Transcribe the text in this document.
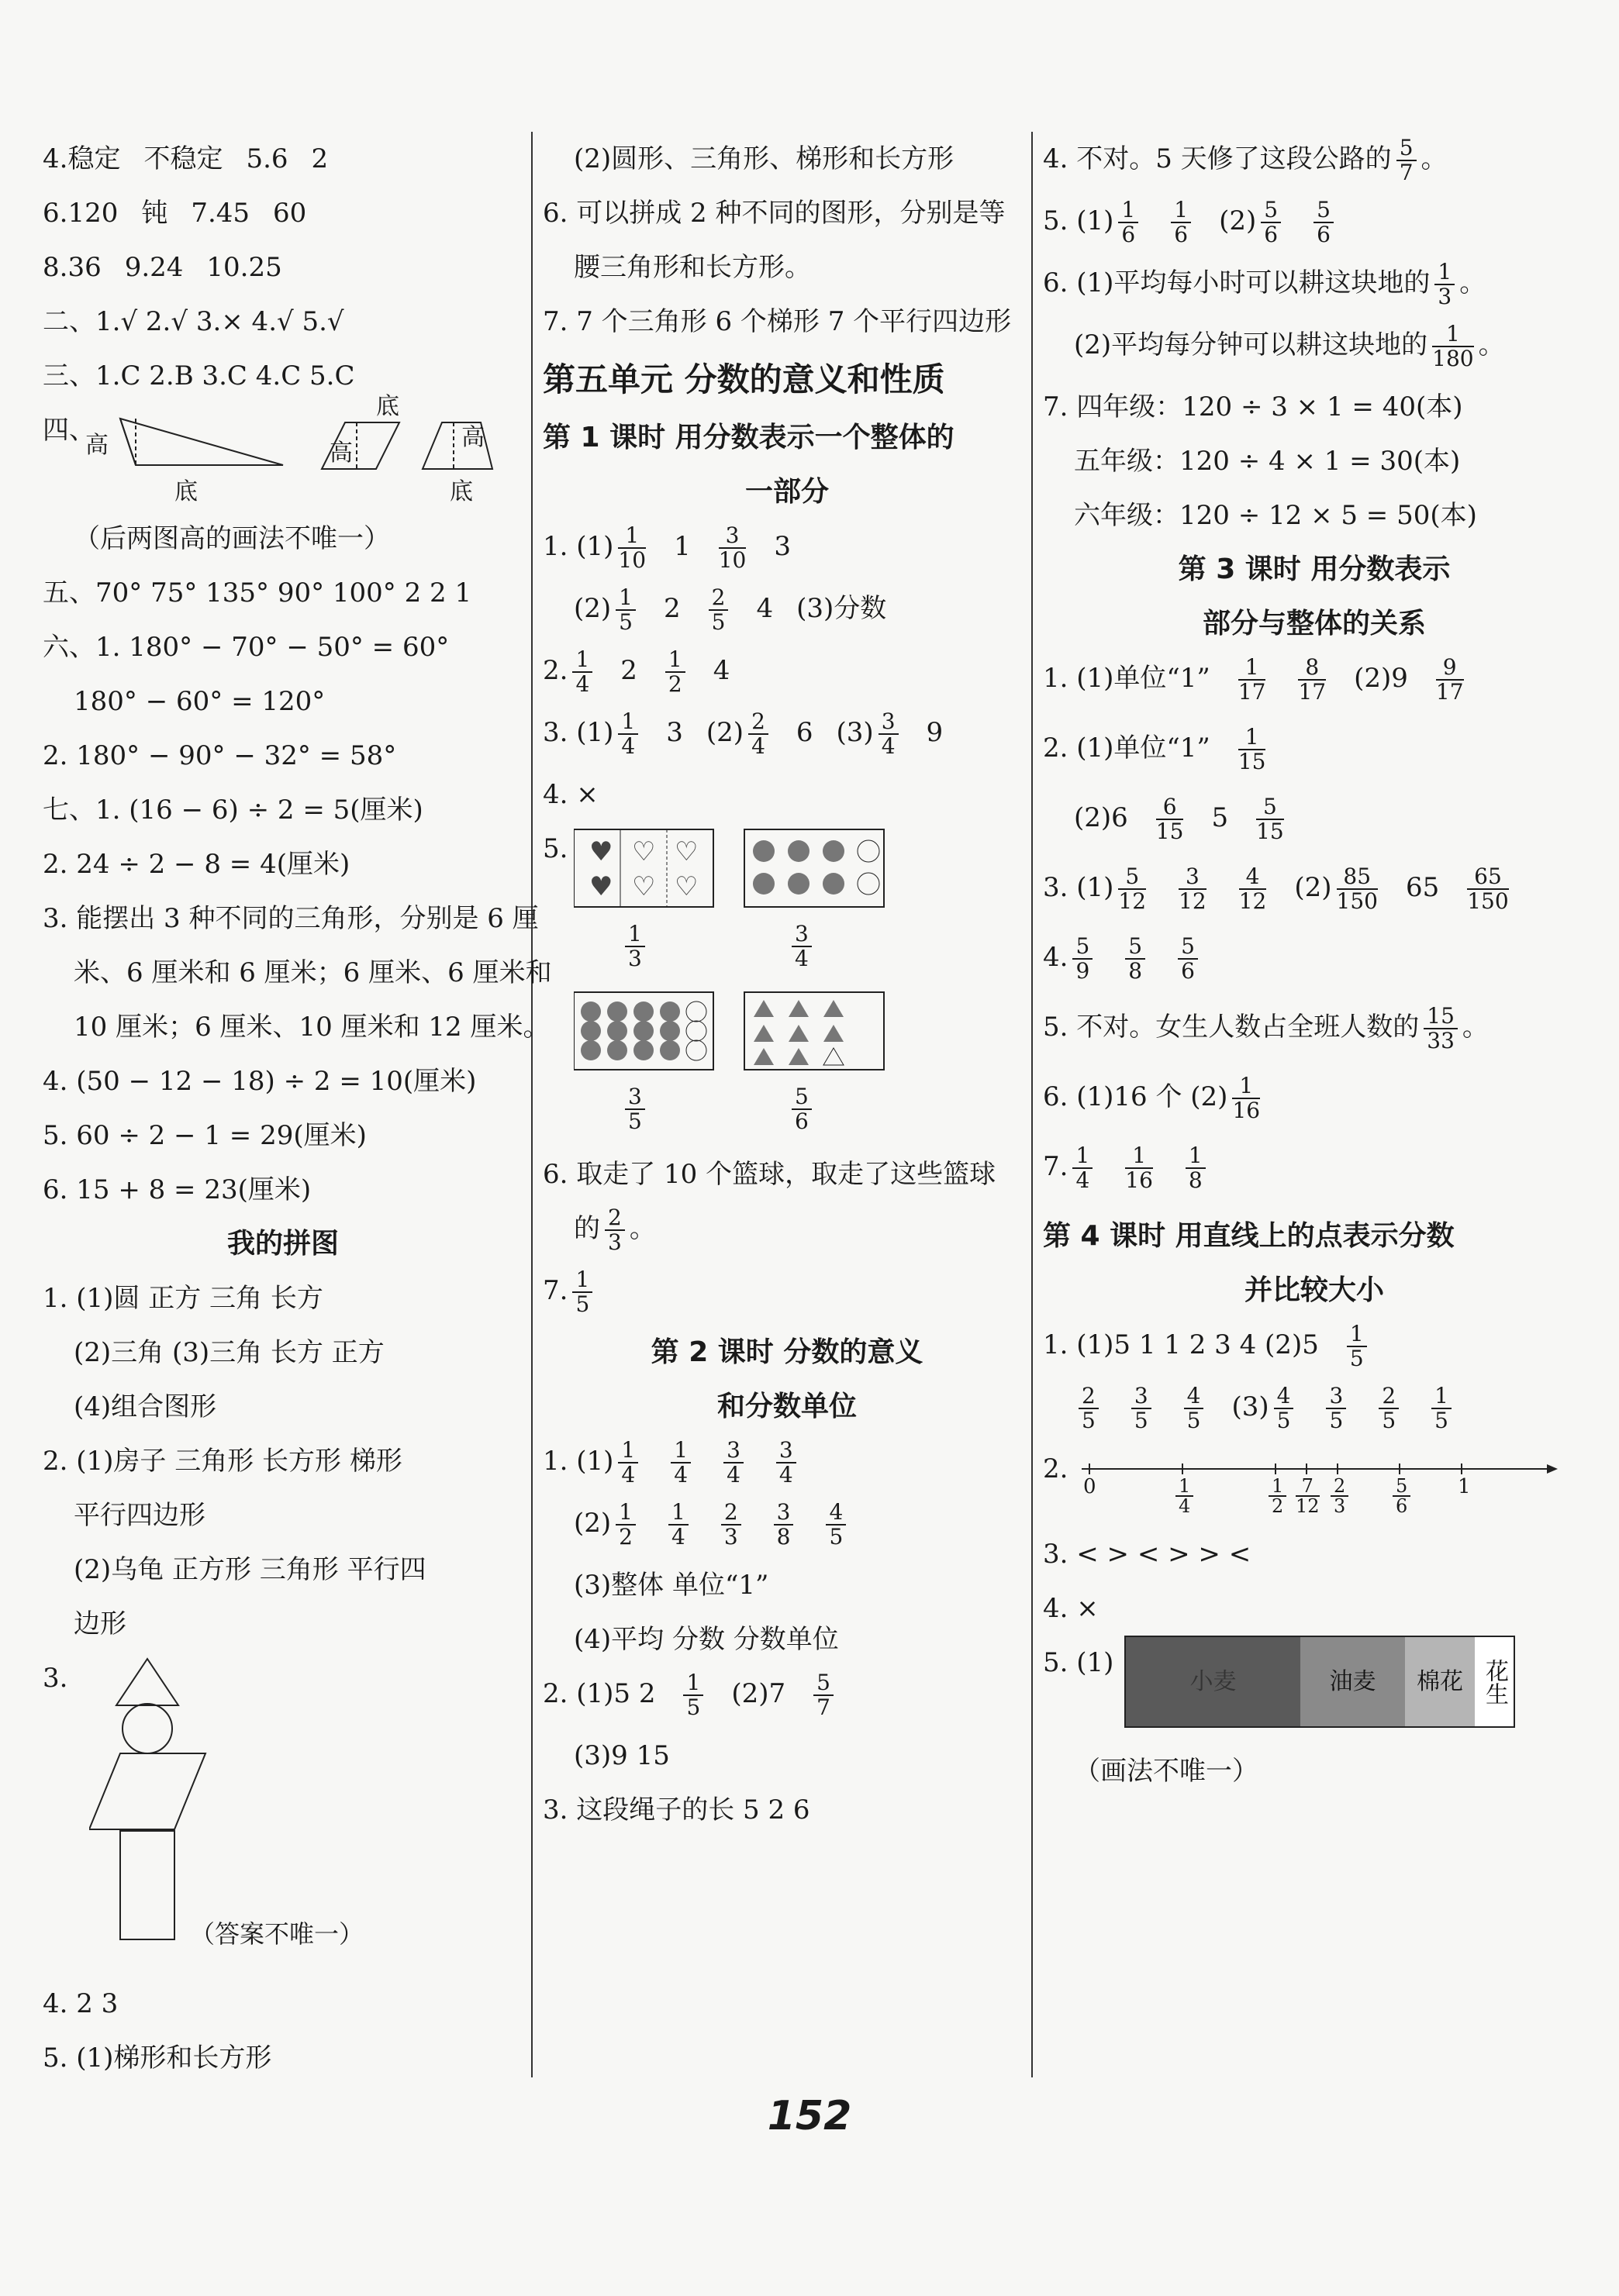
4.稳定 不稳定 5.6 2
6.120 钝 7.45 60
8.36 9.24 10.25
二、1.√ 2.√ 3.× 4.√ 5.√
三、1.C 2.B 3.C 4.C 5.C
四、
高
底
底
高
高
底
（后两图高的画法不唯一）
五、70° 75° 135° 90° 100° 2 2 1
六、1. 180° − 70° − 50° = 60°
180° − 60° = 120°
2. 180° − 90° − 32° = 58°
七、1. (16 − 6) ÷ 2 = 5(厘米)
2. 24 ÷ 2 − 8 = 4(厘米)
3. 能摆出 3 种不同的三角形，分别是 6 厘
米、6 厘米和 6 厘米；6 厘米、6 厘米和
10 厘米；6 厘米、10 厘米和 12 厘米。
4. (50 − 12 − 18) ÷ 2 = 10(厘米)
5. 60 ÷ 2 − 1 = 29(厘米)
6. 15 + 8 = 23(厘米)
我的拼图
1. (1)圆 正方 三角 长方
(2)三角 (3)三角 长方 正方
(4)组合图形
2. (1)房子 三角形 长方形 梯形
平行四边形
(2)乌龟 正方形 三角形 平行四
边形
3.
（答案不唯一）
4. 2 3
5. (1)梯形和长方形
(2)圆形、三角形、梯形和长方形
6. 可以拼成 2 种不同的图形，分别是等
腰三角形和长方形。
7. 7 个三角形 6 个梯形 7 个平行四边形
第五单元 分数的意义和性质
第 1 课时 用分数表示一个整体的
一部分
1. $(1) \frac{1}{10} 1 \frac{3}{10} 3$
$(2) \frac{1}{5} 2 \frac{2}{5} 4$ (3)分数
2. $\frac{1}{4} 2 \frac{1}{2} 4$
3. $(1) \frac{1}{4} 3$ $(2) \frac{2}{4} 6$ $(3) \frac{3}{4} 9$
4. ×
5. ♥
♥
♡
♡
♡
♡
1
3
3
4
3
5
5
6
6. 取走了 10 个篮球，取走了这些篮球
的 $\frac{2}{3}$ 。
7. $\frac{1}{5}$
第 2 课时 分数的意义
和分数单位
1. $(1) \frac{1}{4} \frac{1}{4} \frac{3}{4} \frac{3}{4}$
$(2) \frac{1}{2} \frac{1}{4} \frac{2}{3} \frac{3}{8} \frac{4}{5}$
(3)整体 单位“1”
(4)平均 分数 分数单位
2. (1)5 $2 \frac{1}{5} (2)7 \frac{5}{7}$
(3)9 15
3. 这段绳子的长 5 2 6
4. 不对。5 天修了这段公路的 $\frac{5}{7}$ 。
5. $(1) \frac{1}{6} \frac{1}{6} (2) \frac{5}{6} \frac{5}{6}$
6. (1)平均每小时可以耕这块地的 $\frac{1}{3}$ 。
(2)平均每分钟可以耕这块地的 $\frac{1}{180}$ 。
7. 四年级：120 ÷ 3 × 1 = 40(本)
五年级：120 ÷ 4 × 1 = 30(本)
六年级：120 ÷ 12 × 5 = 50(本)
第 3 课时 用分数表示
部分与整体的关系
1. (1)单位“1” $\frac{1}{17} \frac{8}{17} (2)9 \frac{9}{17}$
2. (1)单位“1” $\frac{1}{15}$
$(2)6 \frac{6}{15} 5 \frac{5}{15}$
3. $(1) \frac{5}{12} \frac{3}{12} \frac{4}{12} (2) \frac{85}{150} 65 \frac{65}{150}$
4. $\frac{5}{9} \frac{5}{8} \frac{5}{6}$
5. 不对。女生人数占全班人数的 $\frac{15}{33}$ 。
6. (1)16 个 $(2) \frac{1}{16}$
7. $\frac{1}{4} \frac{1}{16} \frac{1}{8}$
第 4 课时 用直线上的点表示分数
并比较大小
1. (1)5 1 1 2 3 4 $(2)5 \frac{1}{5}$
$\frac{2}{5} \frac{3}{5} \frac{4}{5} (3) \frac{4}{5} \frac{3}{5} \frac{2}{5} \frac{1}{5}$
2.
0	1
4
1
2
7
12
2
3
5
6
1
3. < > < > > <
4. ×
5. (1)
小麦	油麦	棉花 花生
（画法不唯一）
152
